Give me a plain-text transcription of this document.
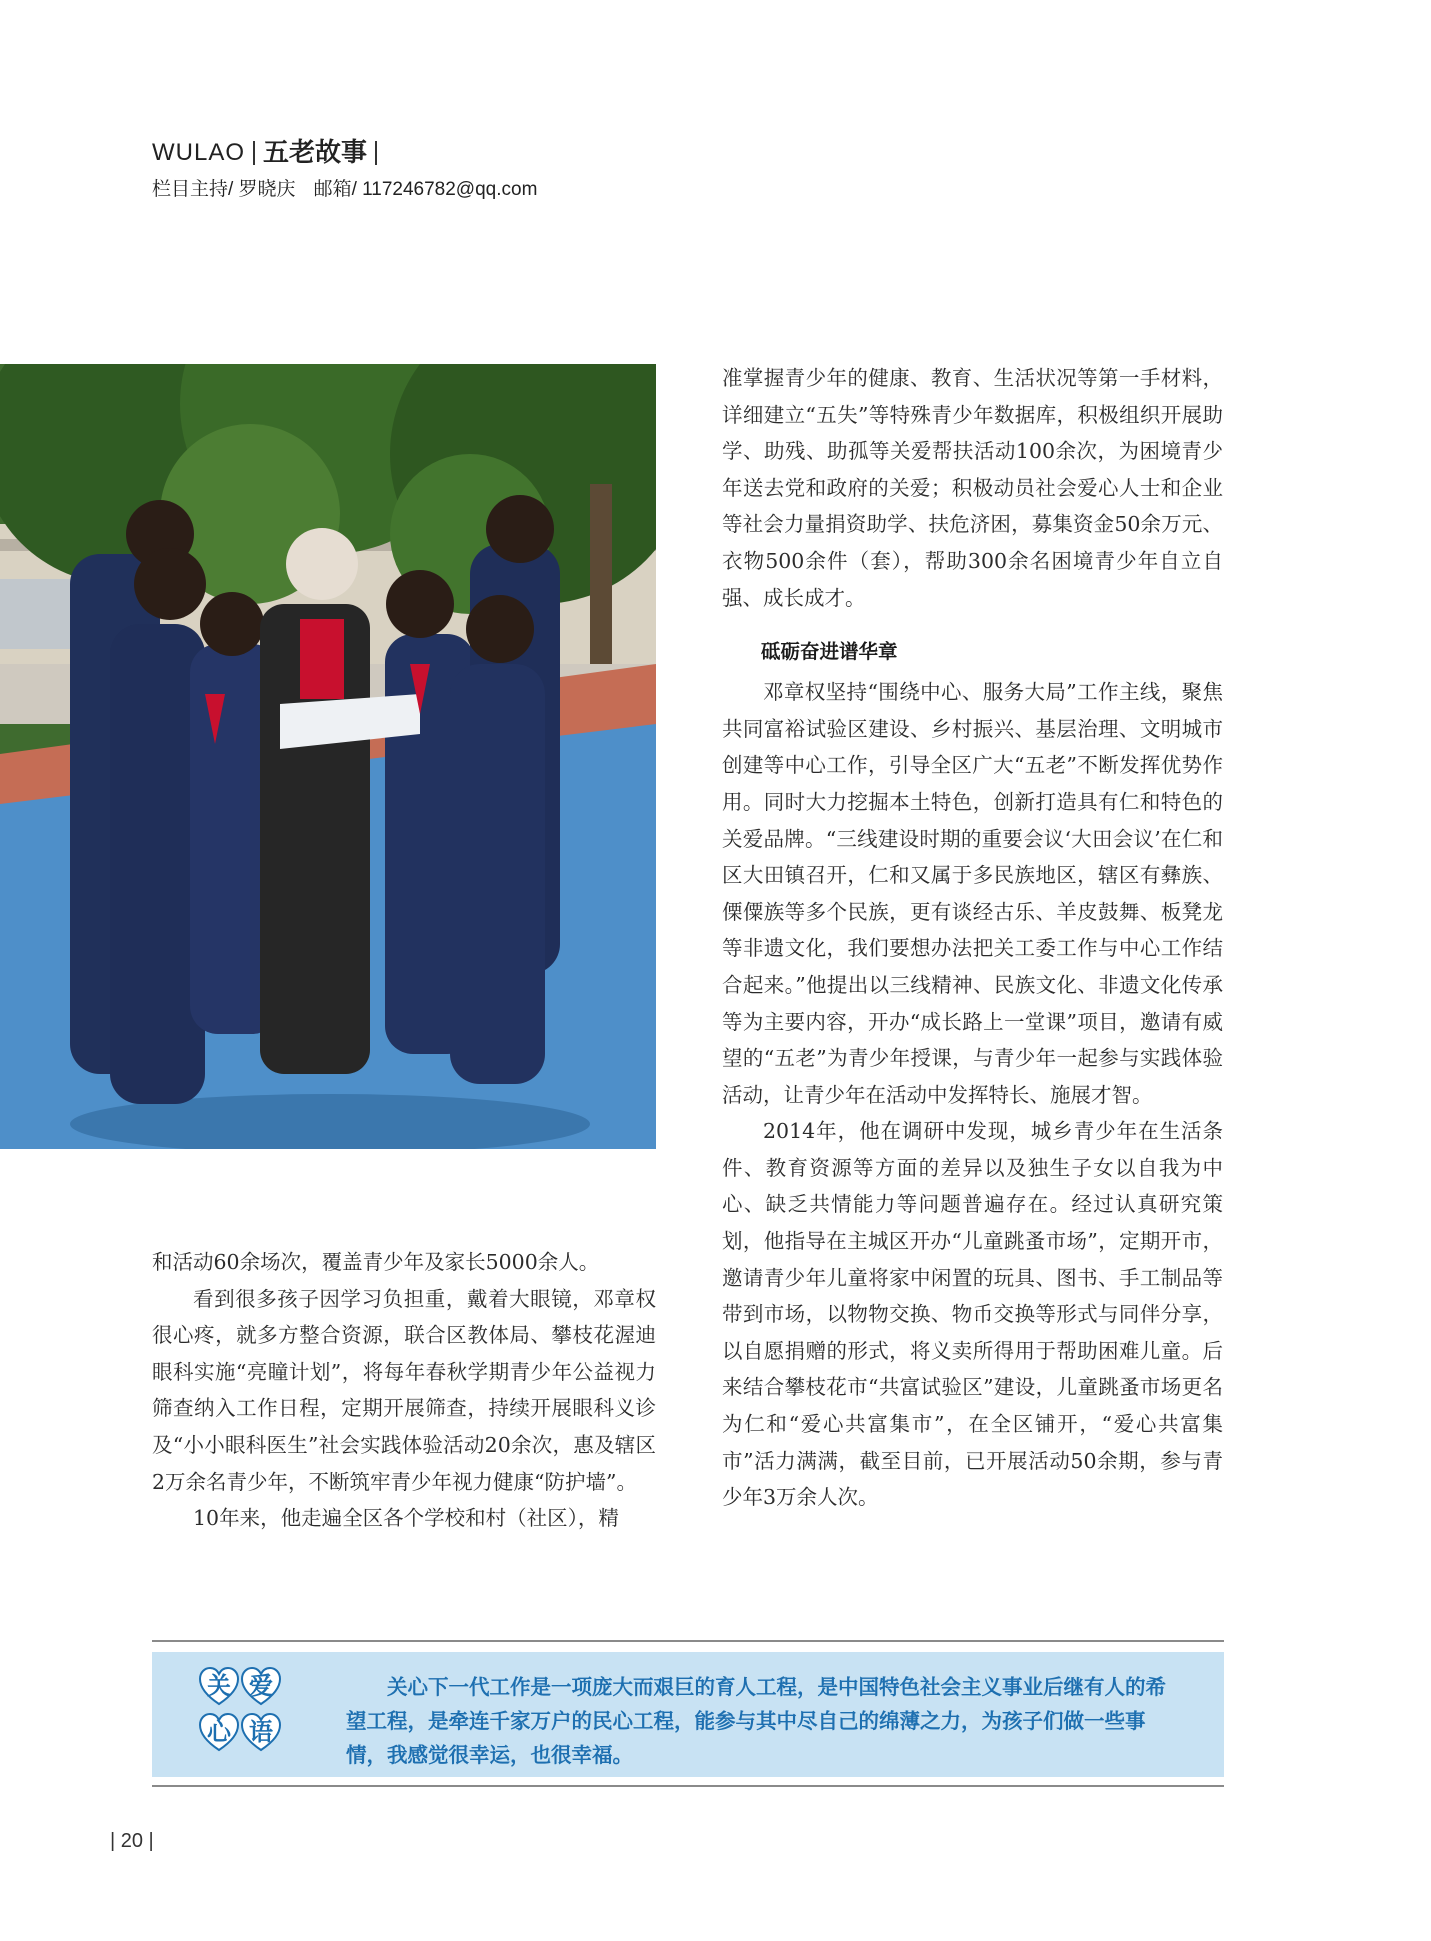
WULAO 五老故事
栏目主持/ 罗晓庆 邮箱/ 117246782@qq.com

准掌握青少年的健康、教育、生活状况等第一手材料，详细建立“五失”等特殊青少年数据库，积极组织开展助学、助残、助孤等关爱帮扶活动100余次，为困境青少年送去党和政府的关爱；积极动员社会爱心人士和企业等社会力量捐资助学、扶危济困，募集资金50余万元、衣物500余件（套），帮助300余名困境青少年自立自强、成长成才。

砥砺奋进谱华章

邓章权坚持“围绕中心、服务大局”工作主线，聚焦共同富裕试验区建设、乡村振兴、基层治理、文明城市创建等中心工作，引导全区广大“五老”不断发挥优势作用。同时大力挖掘本土特色，创新打造具有仁和特色的关爱品牌。“三线建设时期的重要会议‘大田会议’在仁和区大田镇召开，仁和又属于多民族地区，辖区有彝族、傈僳族等多个民族，更有谈经古乐、羊皮鼓舞、板凳龙等非遗文化，我们要想办法把关工委工作与中心工作结合起来。”他提出以三线精神、民族文化、非遗文化传承等为主要内容，开办“成长路上一堂课”项目，邀请有威望的“五老”为青少年授课，与青少年一起参与实践体验活动，让青少年在活动中发挥特长、施展才智。

2014年，他在调研中发现，城乡青少年在生活条件、教育资源等方面的差异以及独生子女以自我为中心、缺乏共情能力等问题普遍存在。经过认真研究策划，他指导在主城区开办“儿童跳蚤市场”，定期开市，邀请青少年儿童将家中闲置的玩具、图书、手工制品等带到市场，以物物交换、物币交换等形式与同伴分享，以自愿捐赠的形式，将义卖所得用于帮助困难儿童。后来结合攀枝花市“共富试验区”建设，儿童跳蚤市场更名为仁和“爱心共富集市”，在全区铺开，“爱心共富集市”活力满满，截至目前，已开展活动50余期，参与青少年3万余人次。

和活动60余场次，覆盖青少年及家长5000余人。

看到很多孩子因学习负担重，戴着大眼镜，邓章权很心疼，就多方整合资源，联合区教体局、攀枝花渥迪眼科实施“亮瞳计划”，将每年春秋学期青少年公益视力筛查纳入工作日程，定期开展筛查，持续开展眼科义诊及“小小眼科医生”社会实践体验活动20余次，惠及辖区2万余名青少年，不断筑牢青少年视力健康“防护墙”。

10年来，他走遍全区各个学校和村（社区），精

关 爱
心 语

关心下一代工作是一项庞大而艰巨的育人工程，是中国特色社会主义事业后继有人的希望工程，是牵连千家万户的民心工程，能参与其中尽自己的绵薄之力，为孩子们做一些事情，我感觉很幸运，也很幸福。

| 20 |
